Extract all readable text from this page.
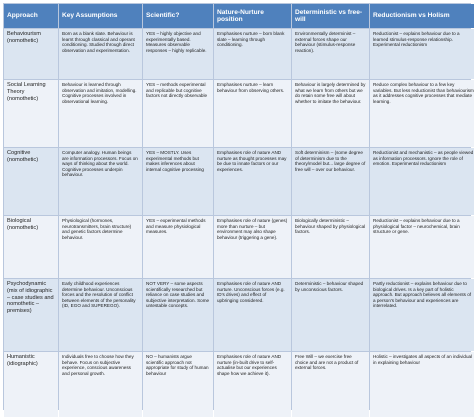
Approach	Key Assumptions	Scientific?
Nature-Nurture position
Deterministic vs free-will
Reductionism vs Holism
Behaviourism (nomothetic)
Born as a blank slate. Behaviour is learnt through classical and operant conditioning. Studied through direct observation and experimentation.
YES – highly objective and experimentally based. Measures observable responses – highly replicable.
Emphasises nurture – born blank slate – learning through conditioning.
Environmentally determinist – external forces shape our behaviour (stimulus-response reaction).
Reductionist – explains behaviour due to a learned stimulus-response relationship. Experimental reductionism
Social Learning Theory (nomothetic)
Behaviour is learned through observation and imitation, modelling. Cognitive processes involved in observational learning.
YES – methods experimental and replicable but cognitive factors not directly observable
Emphasises nurture – learn behaviour from observing others.
Behaviour is largely determined by what we learn from others but we do retain some free will about whether to imitate the behaviour.
Reduce complex behaviour to a few key variables. But less reductionist than behaviourism as it addresses cognitive processes that mediate learning.
Cognitive (nomothetic)
Computer analogy. Human beings are information processors. Focus on ways of thinking about the world. Cognitive processes underpin behaviour.
YES – MOSTLY. Uses experimental methods but makes inferences about internal cognitive processing
Emphasises role of nature AND nurture as thought processes may be due to innate factors or our experiences.
Soft determinism – (some degree of determinism due to the theory/model but... large degree of free will – over our behaviour.
Reductionist and mechanistic – as people viewed as information processors. Ignore the role of emotion. Experimental reductionism
Biological (nomothetic)
Physiological (hormones, neurotransmitters, brain structure) and genetic factors determine behaviour.
YES – experimental methods and measure physiological measures.
Emphasises role of nature (genes) more than nurture – but environment may also shape behaviour (triggering a gene).
Biologically deterministic – behaviour shaped by physiological factors.
Reductionist – explains behaviour due to a physiological factor – neurochemical, brain structure or gene.
Psychodynamic (mix of idiographic – case studies and nomothetic – premises)
Early childhood experiences determine behaviour. Unconscious forces and the resolution of conflict between elements of the personality (ID, EGO and SUPEREGO).
NOT VERY – some aspects scientifically researched but reliance on case studies and subjective interpretation. Some untestable concepts.
Emphasises role of nature AND nurture. Unconscious forces (e.g. ID's drives) and effect of upbringing considered.
Deterministic – behaviour shaped by unconscious factors.
Partly reductionist – explains behaviour due to biological drives. Is a key part of holistic approach. But approach believes all elements of a person's behaviour and experiences are interrelated.
Humanistic (idiographic)
Individuals free to choose how they behave. Focus on subjective experience, conscious awareness and personal growth.
NO – humanists argue scientific approach not appropriate for study of human behaviour
Emphasises role of nature AND nurture (in-built drive to self-actualise but our experiences shape how we achieve it).
Free Will – we exercise free choice and are not a product of external forces.
Holistic – investigates all aspects of an individual in explaining behaviour
